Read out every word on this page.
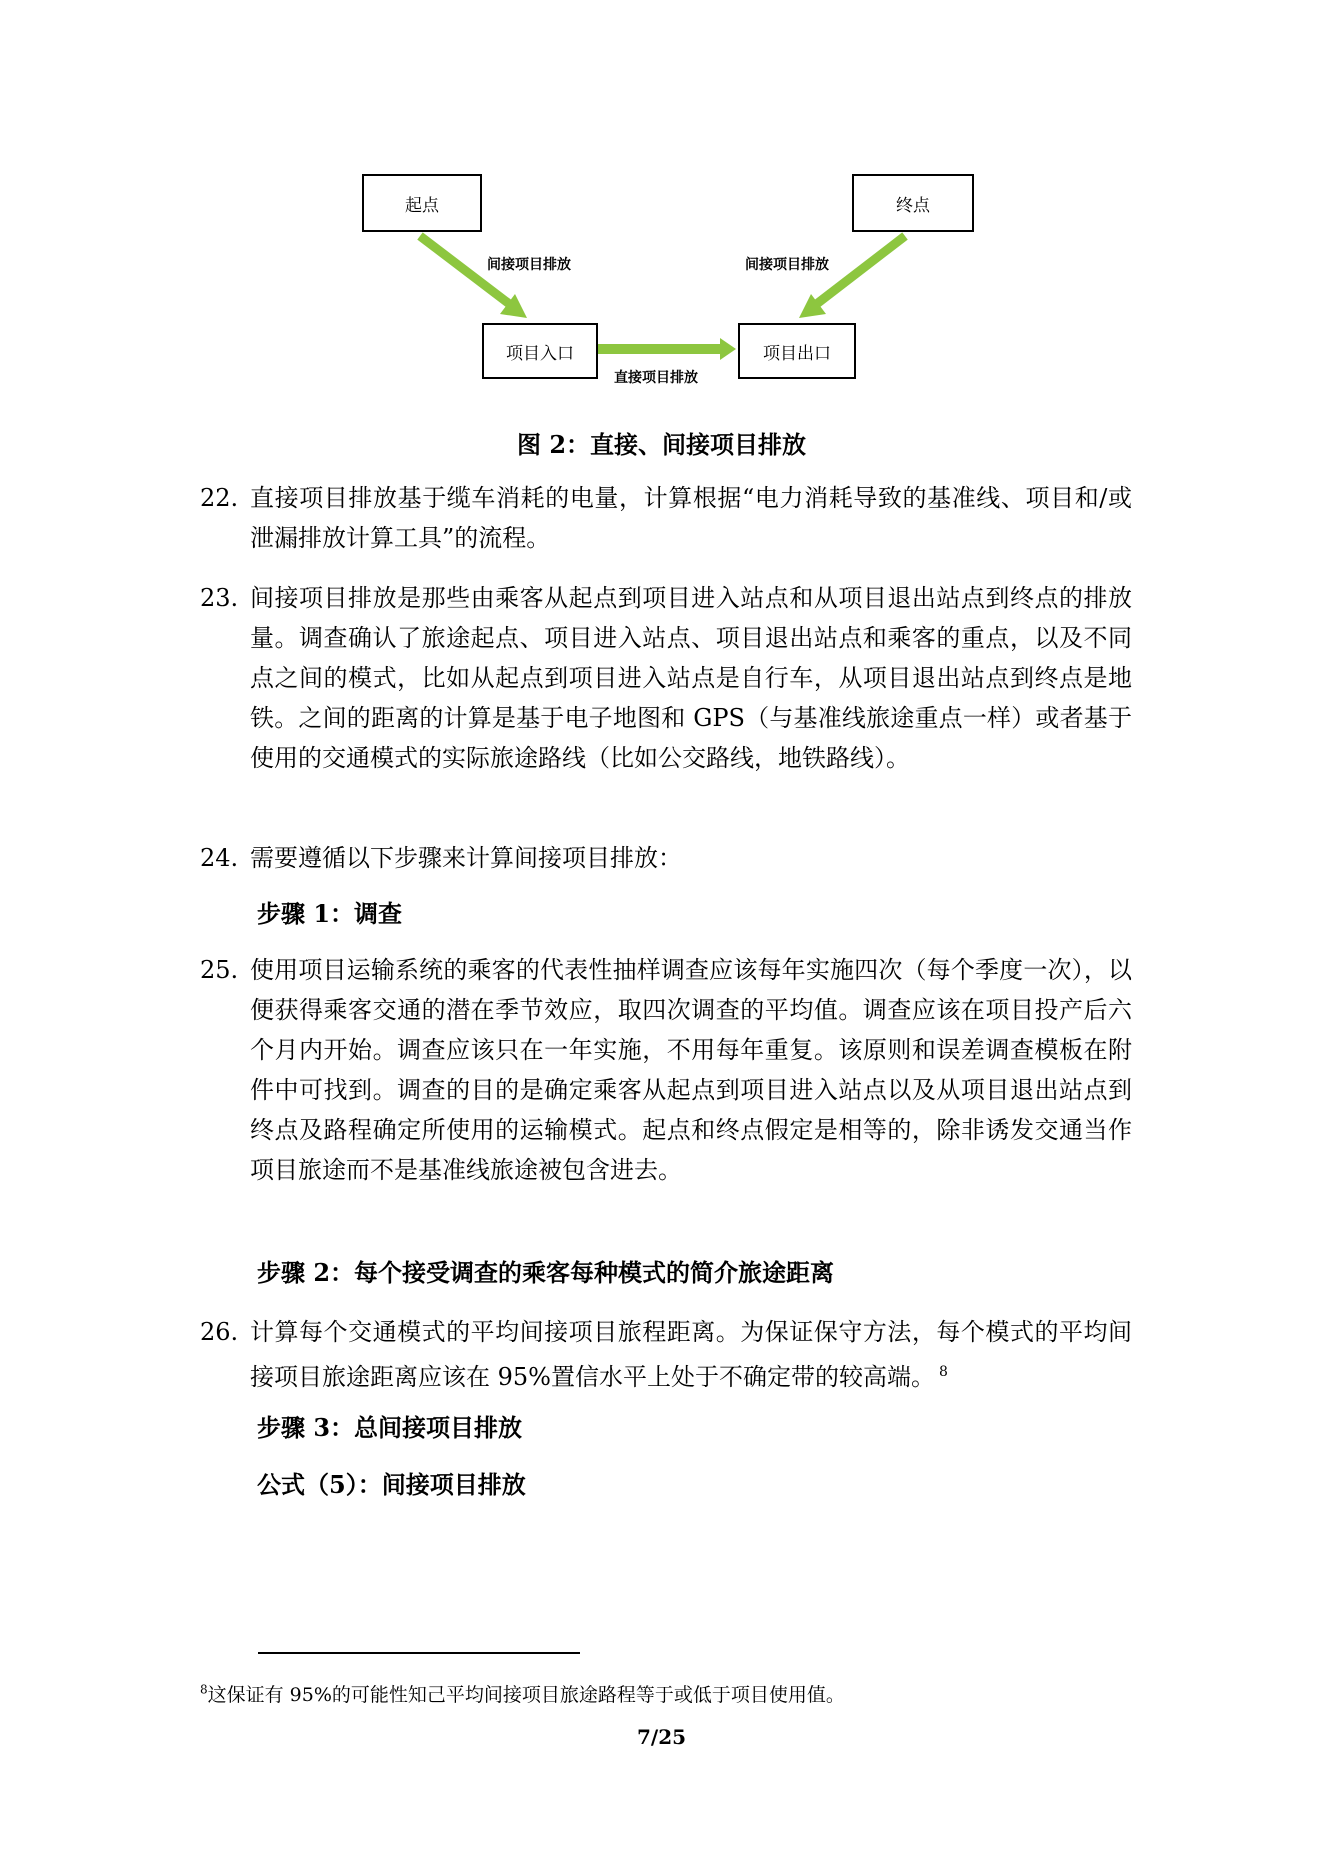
起点	终点
项目入口	项目出口
间接项目排放	间接项目排放
直接项目排放
图 2：直接、间接项目排放
22. 直接项目排放基于缆车消耗的电量，计算根据“电力消耗导致的基准线、项目和/或泄漏排放计算工具”的流程。
23. 间接项目排放是那些由乘客从起点到项目进入站点和从项目退出站点到终点的排放量。调查确认了旅途起点、项目进入站点、项目退出站点和乘客的重点，以及不同点之间的模式，比如从起点到项目进入站点是自行车，从项目退出站点到终点是地铁。之间的距离的计算是基于电子地图和 GPS（与基准线旅途重点一样）或者基于使用的交通模式的实际旅途路线（比如公交路线，地铁路线）。
24. 需要遵循以下步骤来计算间接项目排放：
步骤 1：调查
25. 使用项目运输系统的乘客的代表性抽样调查应该每年实施四次（每个季度一次），以便获得乘客交通的潜在季节效应，取四次调查的平均值。调查应该在项目投产后六个月内开始。调查应该只在一年实施，不用每年重复。该原则和误差调查模板在附件中可找到。调查的目的是确定乘客从起点到项目进入站点以及从项目退出站点到终点及路程确定所使用的运输模式。起点和终点假定是相等的，除非诱发交通当作项目旅途而不是基准线旅途被包含进去。
步骤 2：每个接受调查的乘客每种模式的简介旅途距离
26. 计算每个交通模式的平均间接项目旅程距离。为保证保守方法，每个模式的平均间接项目旅途距离应该在 95%置信水平上处于不确定带的较高端。 $^8$
步骤 3：总间接项目排放
公式（5）：间接项目排放
$^8$这保证有 95%的可能性知己平均间接项目旅途路程等于或低于项目使用值。
7/25
